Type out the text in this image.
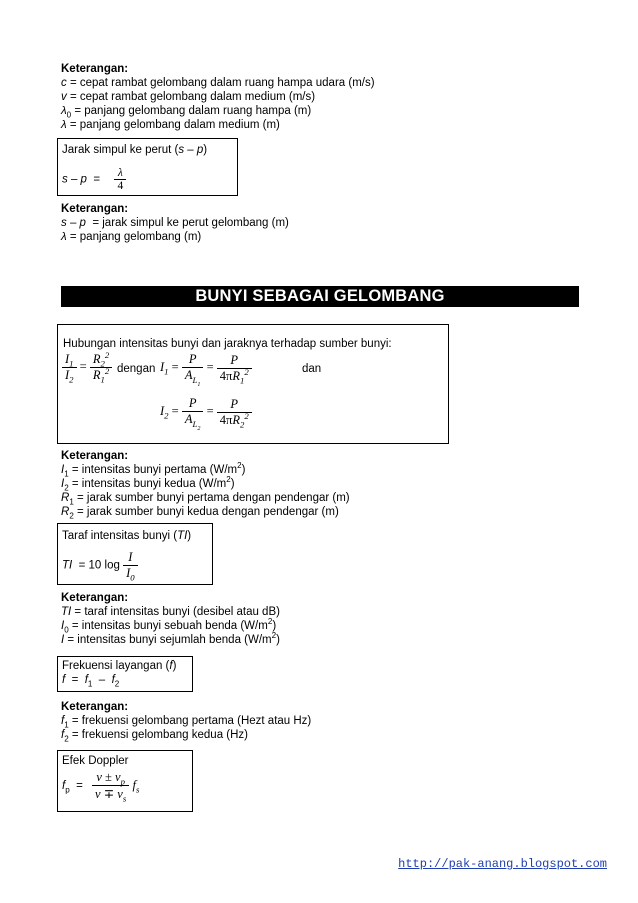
Keterangan:
c = cepat rambat gelombang dalam ruang hampa udara (m/s)
v = cepat rambat gelombang dalam medium (m/s)
$\lambda_0$ = panjang gelombang dalam ruang hampa (m)
λ = panjang gelombang dalam medium (m)
Jarak simpul ke perut (s – p)
$s - p = \frac{\lambda}{4}$
Keterangan:
s – p  = jarak simpul ke perut gelombang (m)
λ = panjang gelombang (m)
BUNYI SEBAGAI GELOMBANG
Hubungan intensitas bunyi dan jaraknya terhadap sumber bunyi:
$\frac{I_1}{I_2} = \frac{R_2^2}{R_1^2}$ dengan $I_1 = \frac{P}{A_{L_1}} = \frac{P}{4\pi R_1^2}$	dan
$I_2 = \frac{P}{A_{L_2}} = \frac{P}{4\pi R_2^2}$
Keterangan:
$I_1$ = intensitas bunyi pertama $(W/m^2)$
$I_2$ = intensitas bunyi kedua $(W/m^2)$
$R_1$ = jarak sumber bunyi pertama dengan pendengar (m)
$R_2$ = jarak sumber bunyi kedua dengan pendengar (m)
Taraf intensitas bunyi (TI)
TI  = 10 $\log \frac{I}{I_0}$
Keterangan:
TI = taraf intensitas bunyi (desibel atau dB)
$I_0$ = intensitas bunyi sebuah benda $(W/m^2)$
I = intensitas bunyi sejumlah benda $(W/m^2)$
Frekuensi layangan (f)
$f = f_1 - f_2$
Keterangan:
$f_1$ = frekuensi gelombang pertama (Hezt atau Hz)
$f_2$ = frekuensi gelombang kedua (Hz)
Efek Doppler
$f_p = \frac{v \pm v_p}{v \mp v_s} f_s$
http://pak-anang.blogspot.com
